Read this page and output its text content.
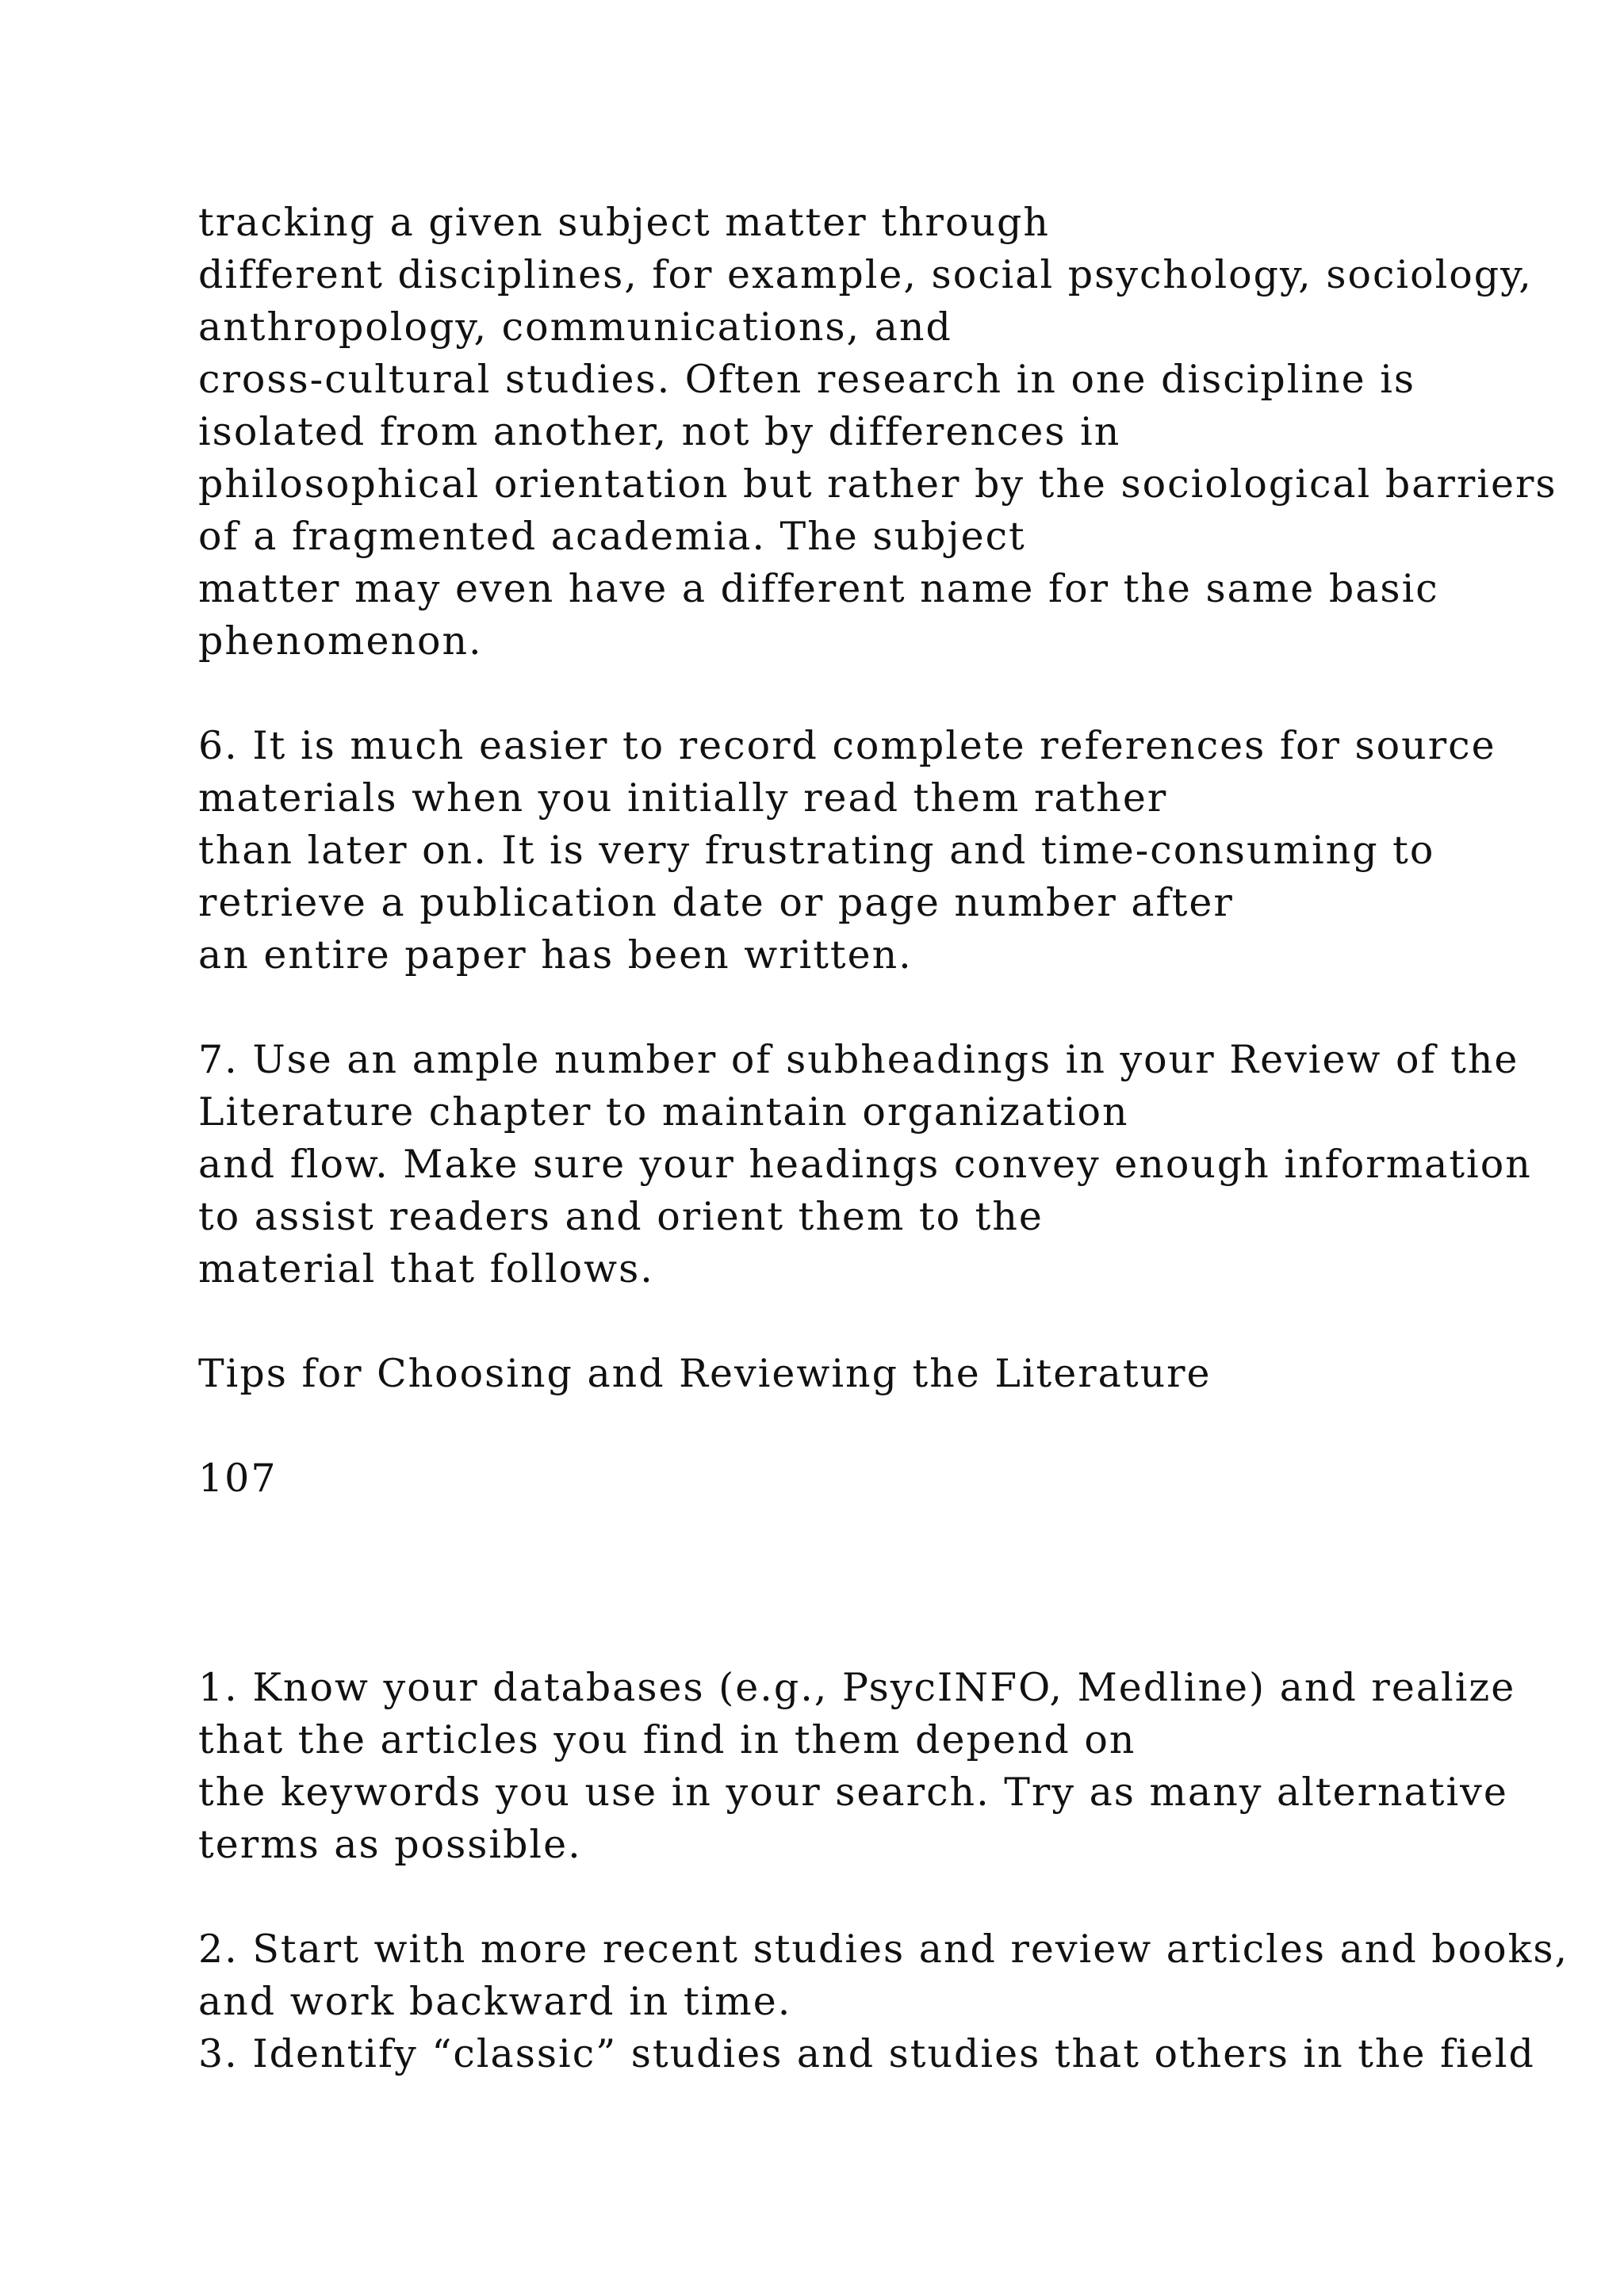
tracking a given subject matter through
different disciplines, for example, social psychology, sociology,
anthropology, communications, and
cross-cultural studies. Often research in one discipline is
isolated from another, not by differences in
philosophical orientation but rather by the sociological barriers
of a fragmented academia. The subject
matter may even have a different name for the same basic
phenomenon.
6. It is much easier to record complete references for source
materials when you initially read them rather
than later on. It is very frustrating and time-consuming to
retrieve a publication date or page number after
an entire paper has been written.
7. Use an ample number of subheadings in your Review of the
Literature chapter to maintain organization
and flow. Make sure your headings convey enough information
to assist readers and orient them to the
material that follows.
Tips for Choosing and Reviewing the Literature
107
1. Know your databases (e.g., PsycINFO, Medline) and realize
that the articles you find in them depend on
the keywords you use in your search. Try as many alternative
terms as possible.
2. Start with more recent studies and review articles and books,
and work backward in time.
3. Identify “classic” studies and studies that others in the field
